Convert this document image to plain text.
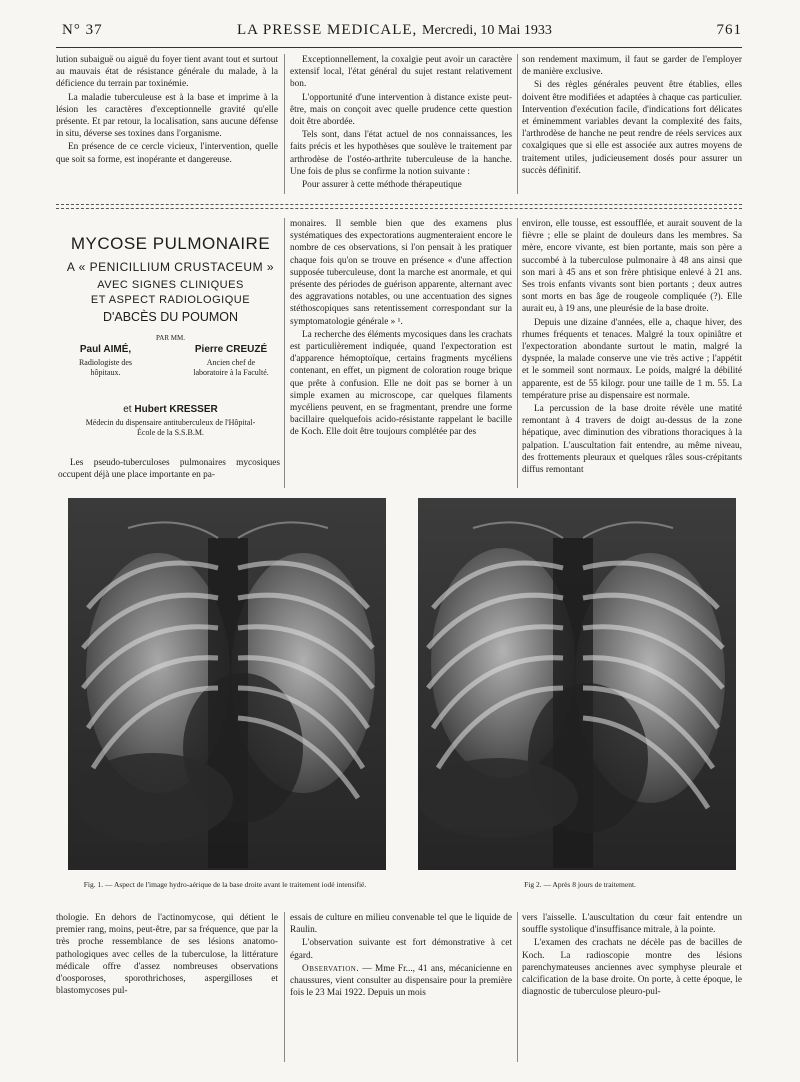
N° 37	LA PRESSE MEDICALE, Mercredi, 10 Mai 1933	761

lution subaiguë ou aiguë du foyer tient avant tout et surtout au mauvais état de résistance générale du malade, à la déficience du terrain par toxinémie.

La maladie tuberculeuse est à la base et imprime à la lésion les caractères d'exceptionnelle gravité qu'elle présente. Et par retour, la localisation, sans aucune défense in situ, déverse ses toxines dans l'organisme.

En présence de ce cercle vicieux, l'intervention, quelle que soit sa forme, est inopérante et dangereuse.

Exceptionnellement, la coxalgie peut avoir un caractère extensif local, l'état général du sujet restant relativement bon.

L'opportunité d'une intervention à distance existe peut-être, mais on conçoit avec quelle prudence cette question doit être abordée.

Tels sont, dans l'état actuel de nos connaissances, les faits précis et les hypothèses que soulève le traitement par arthrodèse de l'ostéo-arthrite tuberculeuse de la hanche. Une fois de plus se confirme la notion suivante :

Pour assurer à cette méthode thérapeutique

son rendement maximum, il faut se garder de l'employer de manière exclusive.

Si des règles générales peuvent être établies, elles doivent être modifiées et adaptées à chaque cas particulier. Intervention d'exécution facile, d'indications fort délicates et éminemment variables devant la complexité des faits, l'arthrodèse de hanche ne peut rendre de réels services aux coxalgiques que si elle est associée aux autres moyens de traitement utiles, judicieusement dosés pour assurer un succès définitif.

MYCOSE PULMONAIRE
A « PENICILLIUM CRUSTACEUM »
AVEC SIGNES CLINIQUES
ET ASPECT RADIOLOGIQUE
D'ABCÈS DU POUMON
PAR MM.
Paul AIMÉ,
Radiologiste des hôpitaux.
Pierre CREUZÉ
Ancien chef de laboratoire à la Faculté.
et Hubert KRESSER
Médecin du dispensaire antituberculeux de l'Hôpital-École de la S.S.B.M.

Les pseudo-tuberculoses pulmonaires mycosiques occupent déjà une place importante en pa-

monaires. Il semble bien que des examens plus systématiques des expectorations augmenteraient encore le nombre de ces observations, si l'on pensait à les pratiquer chaque fois qu'on se trouve en présence « d'une affection supposée tuberculeuse, dont la marche est anormale, et qui présente des périodes de guérison apparente, alternant avec des aggravations notables, ou une accentuation des signes stéthoscopiques sans retentissement correspondant sur la symptomatologie générale » ¹.

La recherche des éléments mycosiques dans les crachats est particulièrement indiquée, quand l'expectoration est d'apparence hémoptoïque, certains fragments mycéliens contenant, en effet, un pigment de coloration rouge brique que prête à confusion. Elle ne doit pas se borner à un simple examen au microscope, car quelques filaments mycéliens peuvent, en se fragmentant, prendre une forme bacillaire quelquefois acido-résistante rappelant le bacille de Koch. Elle doit être toujours complétée par des

environ, elle tousse, est essoufflée, et aurait souvent de la fièvre ; elle se plaint de douleurs dans les membres. Sa mère, encore vivante, est bien portante, mais son père a succombé à la tuberculose pulmonaire à 48 ans ainsi que son mari à 45 ans et son frère phtisique enlevé à 21 ans. Ses trois enfants vivants sont bien portants ; deux autres sont morts en bas âge de rougeole compliquée (?). Elle aurait eu, à 19 ans, une pleurésie de la base droite.

Depuis une dizaine d'années, elle a, chaque hiver, des rhumes fréquents et tenaces. Malgré la toux opiniâtre et l'expectoration abondante surtout le matin, malgré la dyspnée, la malade conserve une vie très active ; l'appétit et le sommeil sont normaux. Le poids, malgré la débilité apparente, est de 55 kilogr. pour une taille de 1 m. 55. La température prise au dispensaire est normale.

La percussion de la base droite révèle une matité remontant à 4 travers de doigt au-dessus de la zone hépatique, avec diminution des vibrations thoraciques à la palpation. L'auscultation fait entendre, au même niveau, des frottements pleuraux et quelques râles sous-crépitants diffus remontant

Fig. 1. — Aspect de l'image hydro-aérique de la base droite avant le traitement iodé intensifié.	Fig 2. — Après 8 jours de traitement.

thologie. En dehors de l'actinomycose, qui détient le premier rang, moins, peut-être, par sa fréquence, que par la très proche ressemblance de ses lésions anatomo-pathologiques avec celles de la tuberculose, la littérature médicale offre d'assez nombreuses observations d'oosporoses, sporothrichoses, aspergilloses et blastomycoses pul-

essais de culture en milieu convenable tel que le liquide de Raulin.

L'observation suivante est fort démonstrative à cet égard.

Observation. — Mme Fr..., 41 ans, mécanicienne en chaussures, vient consulter au dispensaire pour la première fois le 23 Mai 1922. Depuis un mois

vers l'aisselle. L'auscultation du cœur fait entendre un souffle systolique d'insuffisance mitrale, à la pointe.

L'examen des crachats ne décèle pas de bacilles de Koch. La radioscopie montre des lésions parenchymateuses anciennes avec symphyse pleurale et calcification de la base droite. On porte, à cette époque, le diagnostic de tuberculose pleuro-pul-
